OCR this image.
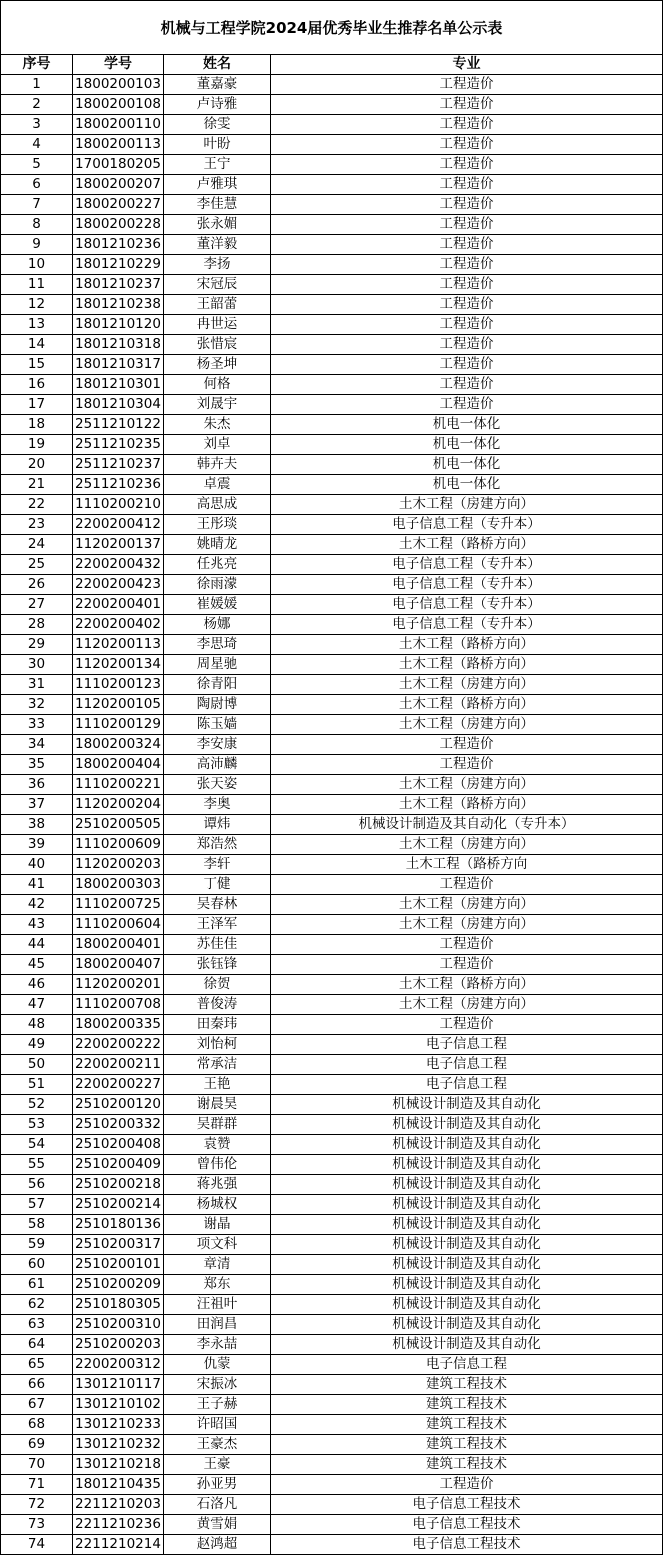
机械与工程学院2024届优秀毕业生推荐名单公示表			
序号	学号	姓名	专业
1	1800200103	董嘉豪	工程造价
2	1800200108	卢诗雅	工程造价
3	1800200110	徐雯	工程造价
4	1800200113	叶盼	工程造价
5	1700180205	王宁	工程造价
6	1800200207	卢雅琪	工程造价
7	1800200227	李佳慧	工程造价
8	1800200228	张永媚	工程造价
9	1801210236	董洋毅	工程造价
10	1801210229	李扬	工程造价
11	1801210237	宋冠辰	工程造价
12	1801210238	王韶蕾	工程造价
13	1801210120	冉世运	工程造价
14	1801210318	张惜宸	工程造价
15	1801210317	杨圣坤	工程造价
16	1801210301	何格	工程造价
17	1801210304	刘晟宇	工程造价
18	2511210122	朱杰	机电一体化
19	2511210235	刘卓	机电一体化
20	2511210237	韩卉夫	机电一体化
21	2511210236	卓震	机电一体化
22	1110200210	高思成	土木工程（房建方向）
23	2200200412	王彤琰	电子信息工程（专升本）
24	1120200137	姚晴龙	土木工程（路桥方向）
25	2200200432	任兆亮	电子信息工程（专升本）
26	2200200423	徐雨濛	电子信息工程（专升本）
27	2200200401	崔媛媛	电子信息工程（专升本）
28	2200200402	杨娜	电子信息工程（专升本）
29	1120200113	李思琦	土木工程（路桥方向）
30	1120200134	周星驰	土木工程（路桥方向）
31	1110200123	徐青阳	土木工程（房建方向）
32	1120200105	陶尉博	土木工程（路桥方向）
33	1110200129	陈玉嫱	土木工程（房建方向）
34	1800200324	李安康	工程造价
35	1800200404	高沛麟	工程造价
36	1110200221	张天姿	土木工程（房建方向）
37	1120200204	李奥	土木工程（路桥方向）
38	2510200505	谭炜	机械设计制造及其自动化（专升本）
39	1110200609	郑浩然	土木工程（房建方向）
40	1120200203	李轩	土木工程（路桥方向
41	1800200303	丁健	工程造价
42	1110200725	吴春林	土木工程（房建方向）
43	1110200604	王泽军	土木工程（房建方向）
44	1800200401	苏佳佳	工程造价
45	1800200407	张钰锋	工程造价
46	1120200201	徐贺	土木工程（路桥方向）
47	1110200708	普俊涛	土木工程（房建方向）
48	1800200335	田秦玮	工程造价
49	2200200222	刘怡柯	电子信息工程
50	2200200211	常承洁	电子信息工程
51	2200200227	王艳	电子信息工程
52	2510200120	谢晨昊	机械设计制造及其自动化
53	2510200332	吴群群	机械设计制造及其自动化
54	2510200408	袁赞	机械设计制造及其自动化
55	2510200409	曾伟伦	机械设计制造及其自动化
56	2510200218	蒋兆强	机械设计制造及其自动化
57	2510200214	杨城权	机械设计制造及其自动化
58	2510180136	谢晶	机械设计制造及其自动化
59	2510200317	项文科	机械设计制造及其自动化
60	2510200101	章清	机械设计制造及其自动化
61	2510200209	郑东	机械设计制造及其自动化
62	2510180305	汪祖叶	机械设计制造及其自动化
63	2510200310	田润昌	机械设计制造及其自动化
64	2510200203	李永喆	机械设计制造及其自动化
65	2200200312	仇蒙	电子信息工程
66	1301210117	宋振冰	建筑工程技术
67	1301210102	王子赫	建筑工程技术
68	1301210233	许昭国	建筑工程技术
69	1301210232	王豪杰	建筑工程技术
70	1301210218	王豪	建筑工程技术
71	1801210435	孙亚男	工程造价
72	2211210203	石洛凡	电子信息工程技术
73	2211210236	黄雪娟	电子信息工程技术
74	2211210214	赵鸿超	电子信息工程技术
